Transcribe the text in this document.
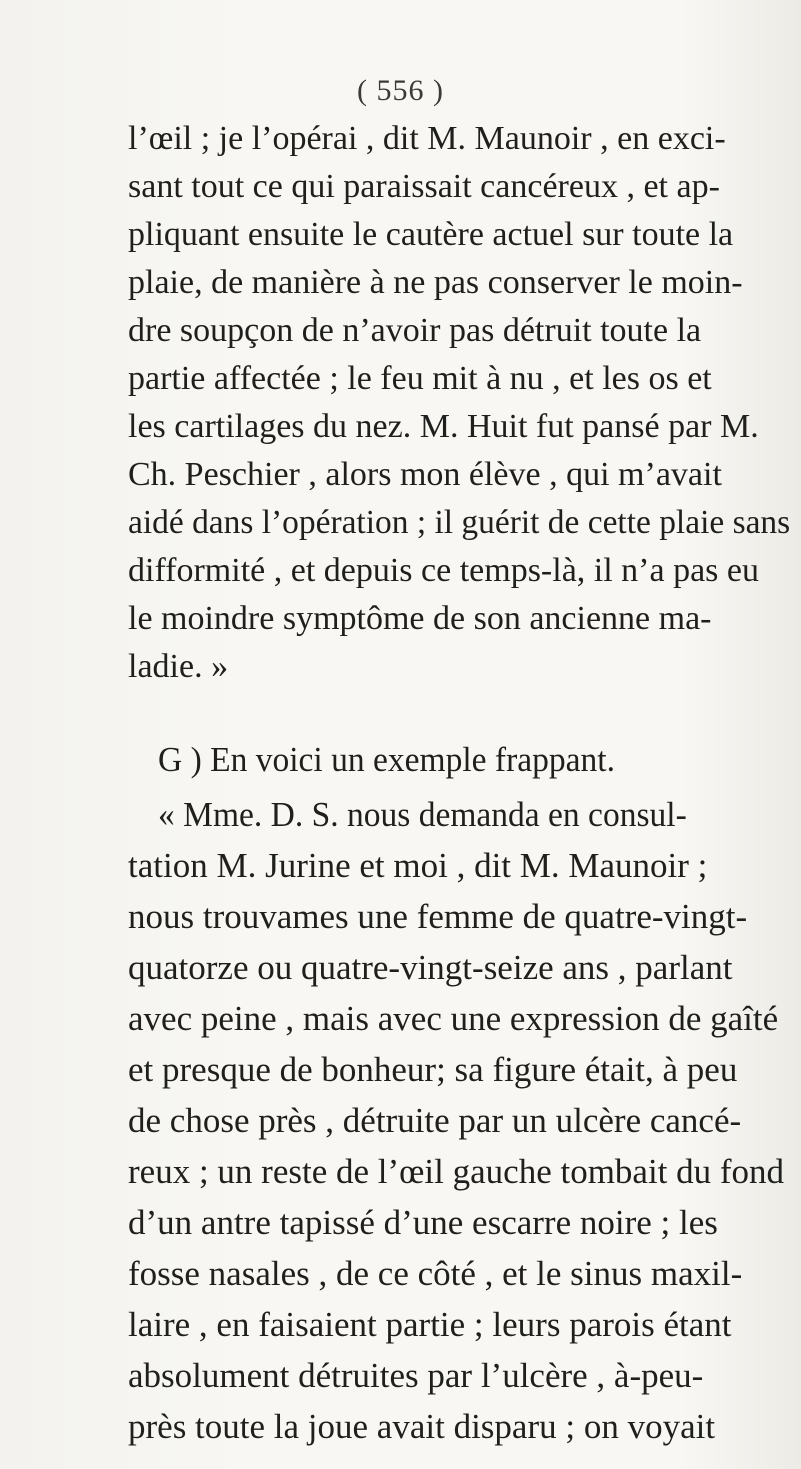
( 556 )
l’œil ; je l’opérai , dit M. Maunoir , en exci-
sant tout ce qui paraissait cancéreux , et ap-
pliquant ensuite le cautère actuel sur toute la
plaie, de manière à ne pas conserver le moin-
dre soupçon de n’avoir pas détruit toute la
partie affectée ; le feu mit à nu , et les os et
les cartilages du nez. M. Huit fut pansé par M.
Ch. Peschier , alors mon élève , qui m’avait
aidé dans l’opération ; il guérit de cette plaie sans
difformité , et depuis ce temps-là, il n’a pas eu
le moindre symptôme de son ancienne ma-
ladie. »
G ) En voici un exemple frappant.
« Mme. D. S. nous demanda en consul-
tation M. Jurine et moi , dit M. Maunoir ;
nous trouvames une femme de quatre-vingt-
quatorze ou quatre-vingt-seize ans , parlant
avec peine , mais avec une expression de gaîté
et presque de bonheur; sa figure était, à peu
de chose près , détruite par un ulcère cancé-
reux ; un reste de l’œil gauche tombait du fond
d’un antre tapissé d’une escarre noire ; les
fosse nasales , de ce côté , et le sinus maxil-
laire , en faisaient partie ; leurs parois étant
absolument détruites par l’ulcère , à-peu-
près toute la joue avait disparu ; on voyait
